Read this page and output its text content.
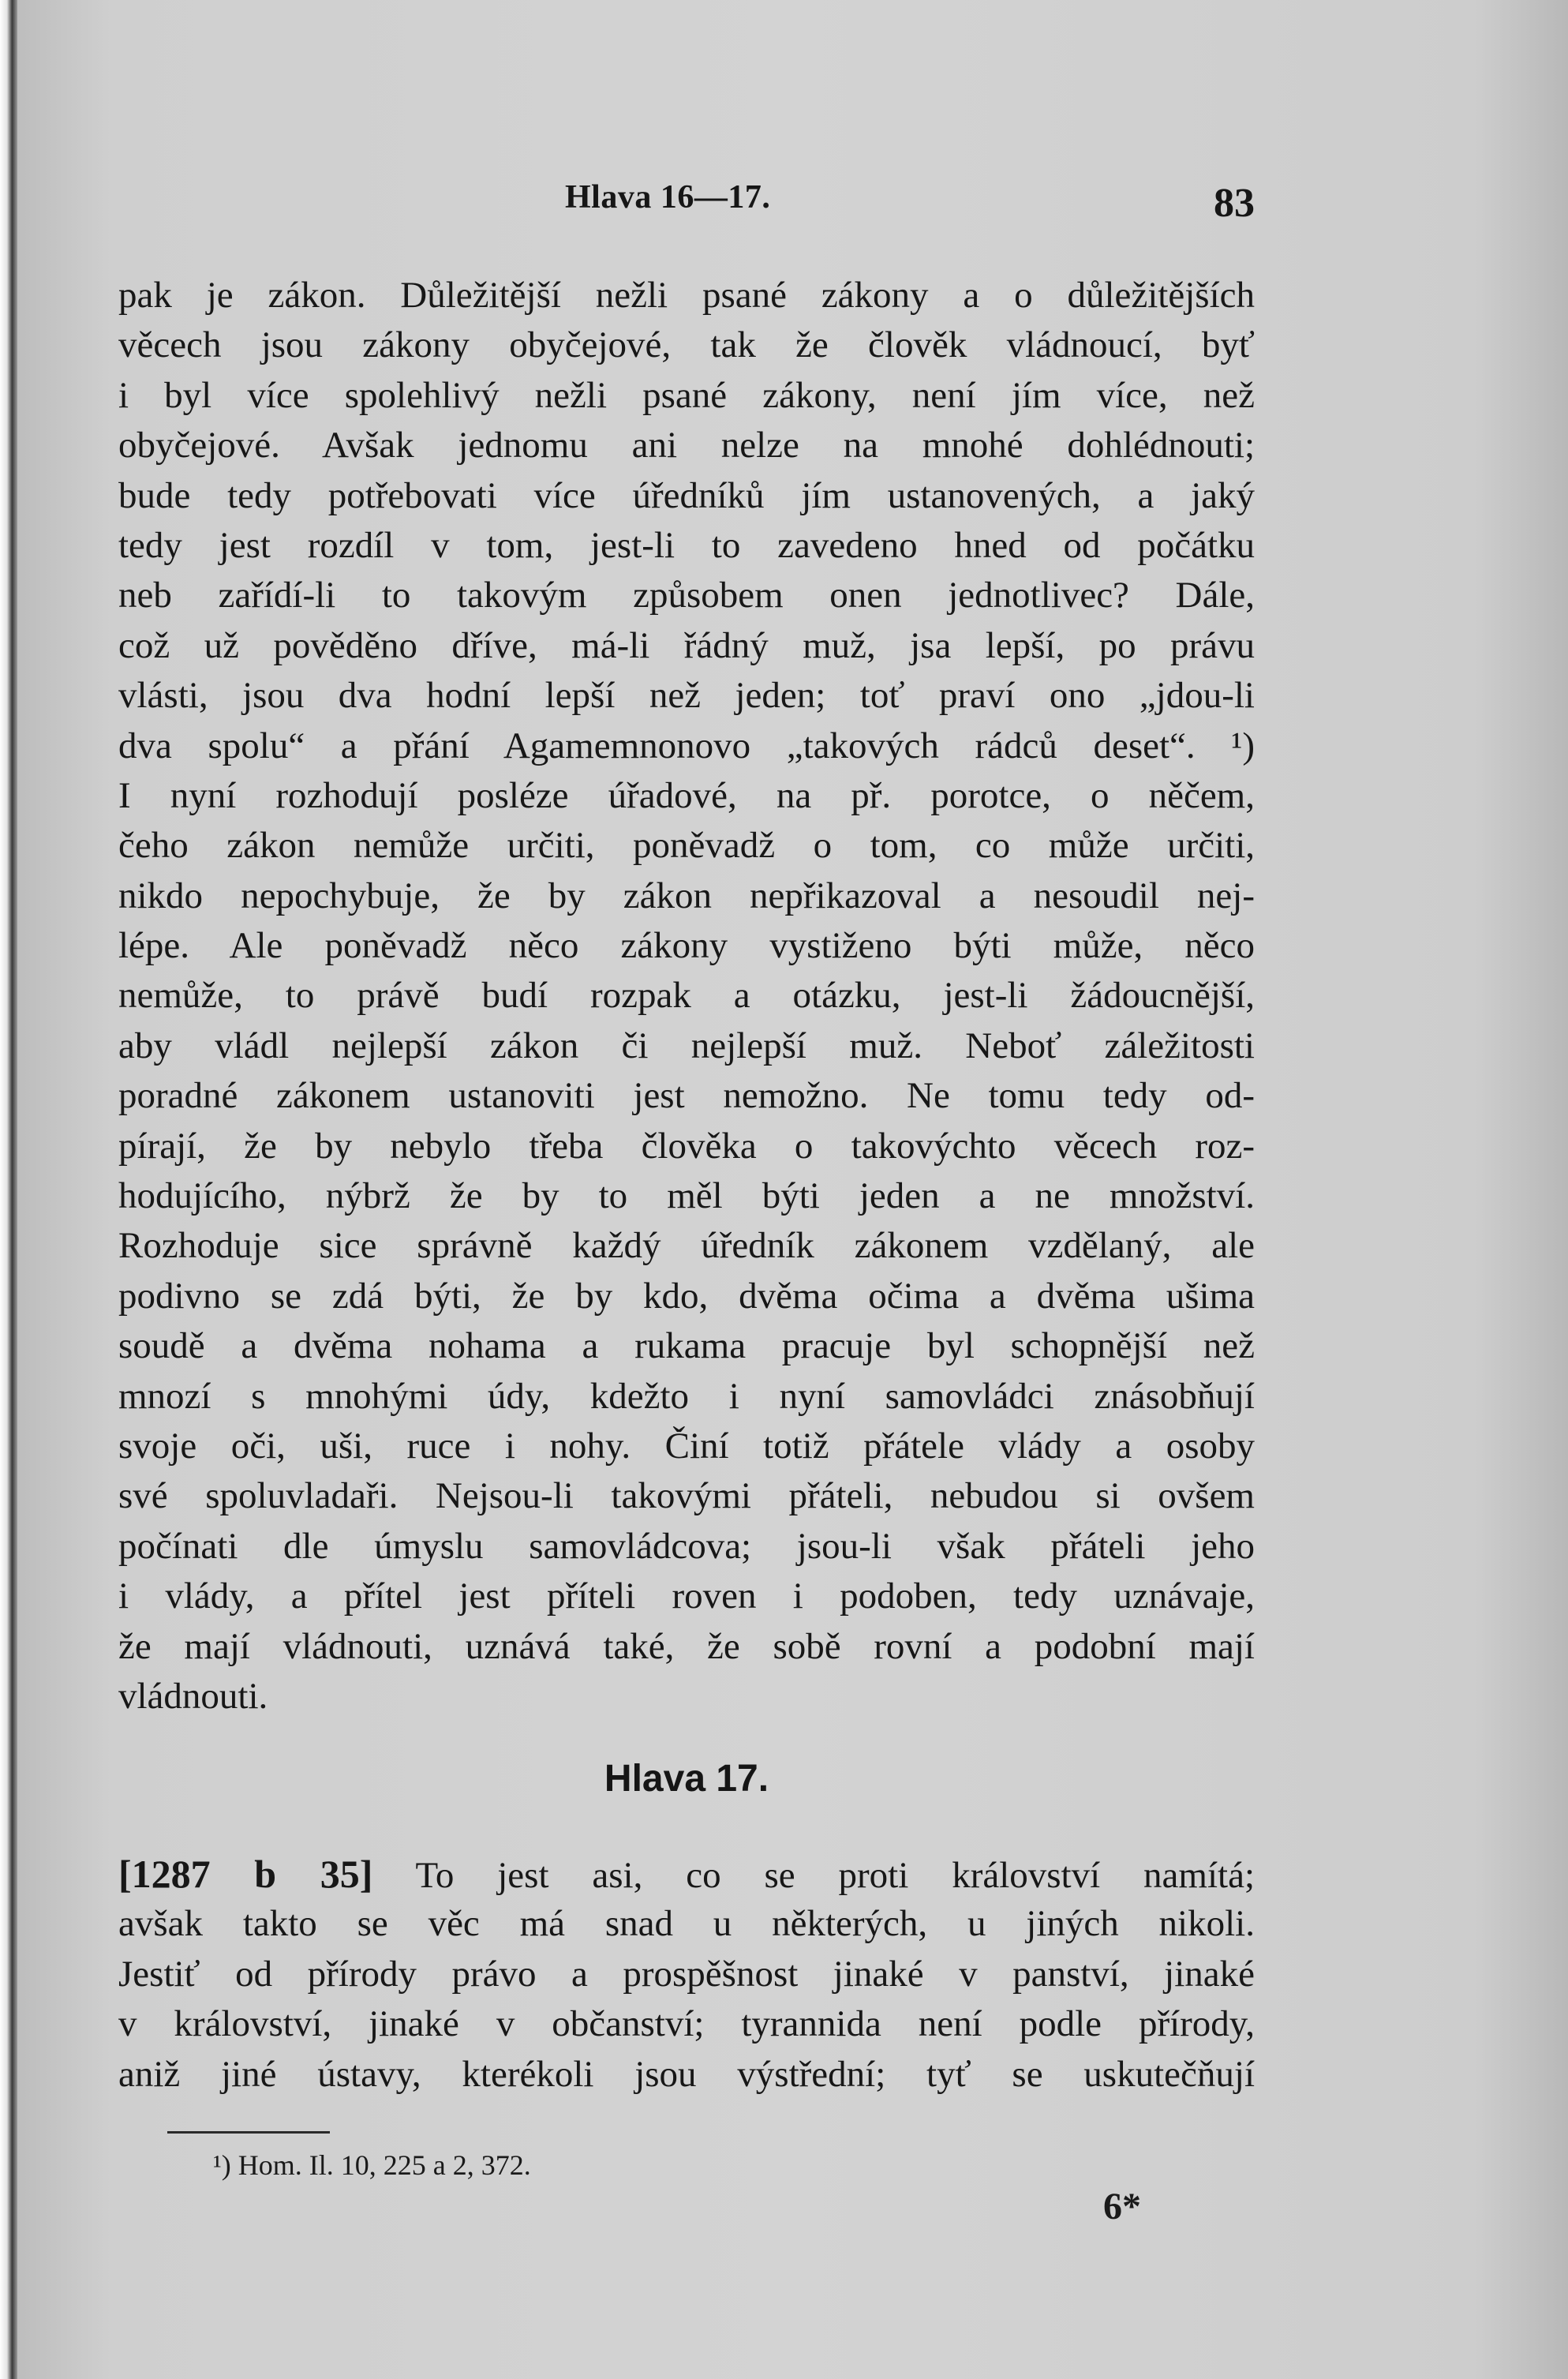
Hlava 16—17.	83
pak je zákon. Důležitější nežli psané zákony a o důležitějších
věcech jsou zákony obyčejové, tak že člověk vládnoucí, byť
i byl více spolehlivý nežli psané zákony, není jím více, než
obyčejové. Avšak jednomu ani nelze na mnohé dohlédnouti;
bude tedy potřebovati více úředníků jím ustanovených, a jaký
tedy jest rozdíl v tom, jest-li to zavedeno hned od počátku
neb zařídí-li to takovým způsobem onen jednotlivec? Dále,
což už pověděno dříve, má-li řádný muž, jsa lepší, po právu
vlásti, jsou dva hodní lepší než jeden; toť praví ono „jdou-li
dva spolu“ a přání Agamemnonovo „takových rádců deset“. ¹)
I nyní rozhodují posléze úřadové, na př. porotce, o něčem,
čeho zákon nemůže určiti, poněvadž o tom, co může určiti,
nikdo nepochybuje, že by zákon nepřikazoval a nesoudil nej-
lépe. Ale poněvadž něco zákony vystiženo býti může, něco
nemůže, to právě budí rozpak a otázku, jest-li žádoucnější,
aby vládl nejlepší zákon či nejlepší muž. Neboť záležitosti
poradné zákonem ustanoviti jest nemožno. Ne tomu tedy od-
pírají, že by nebylo třeba člověka o takovýchto věcech roz-
hodujícího, nýbrž že by to měl býti jeden a ne množství.
Rozhoduje sice správně každý úředník zákonem vzdělaný, ale
podivno se zdá býti, že by kdo, dvěma očima a dvěma ušima
soudě a dvěma nohama a rukama pracuje byl schopnější než
mnozí s mnohými údy, kdežto i nyní samovládci znásobňují
svoje oči, uši, ruce i nohy. Činí totiž přátele vlády a osoby
své spoluvladaři. Nejsou-li takovými přáteli, nebudou si ovšem
počínati dle úmyslu samovládcova; jsou-li však přáteli jeho
i vlády, a přítel jest příteli roven i podoben, tedy uznávaje,
že mají vládnouti, uznává také, že sobě rovní a podobní mají
vládnouti.
Hlava 17.
[1287 b 35] To jest asi, co se proti království namítá;
avšak takto se věc má snad u některých, u jiných nikoli.
Jestiť od přírody právo a prospěšnost jinaké v panství, jinaké
v království, jinaké v občanství; tyrannida není podle přírody,
aniž jiné ústavy, kterékoli jsou výstřední; tyť se uskutečňují
¹) Hom. Il. 10, 225 a 2, 372.
6*
